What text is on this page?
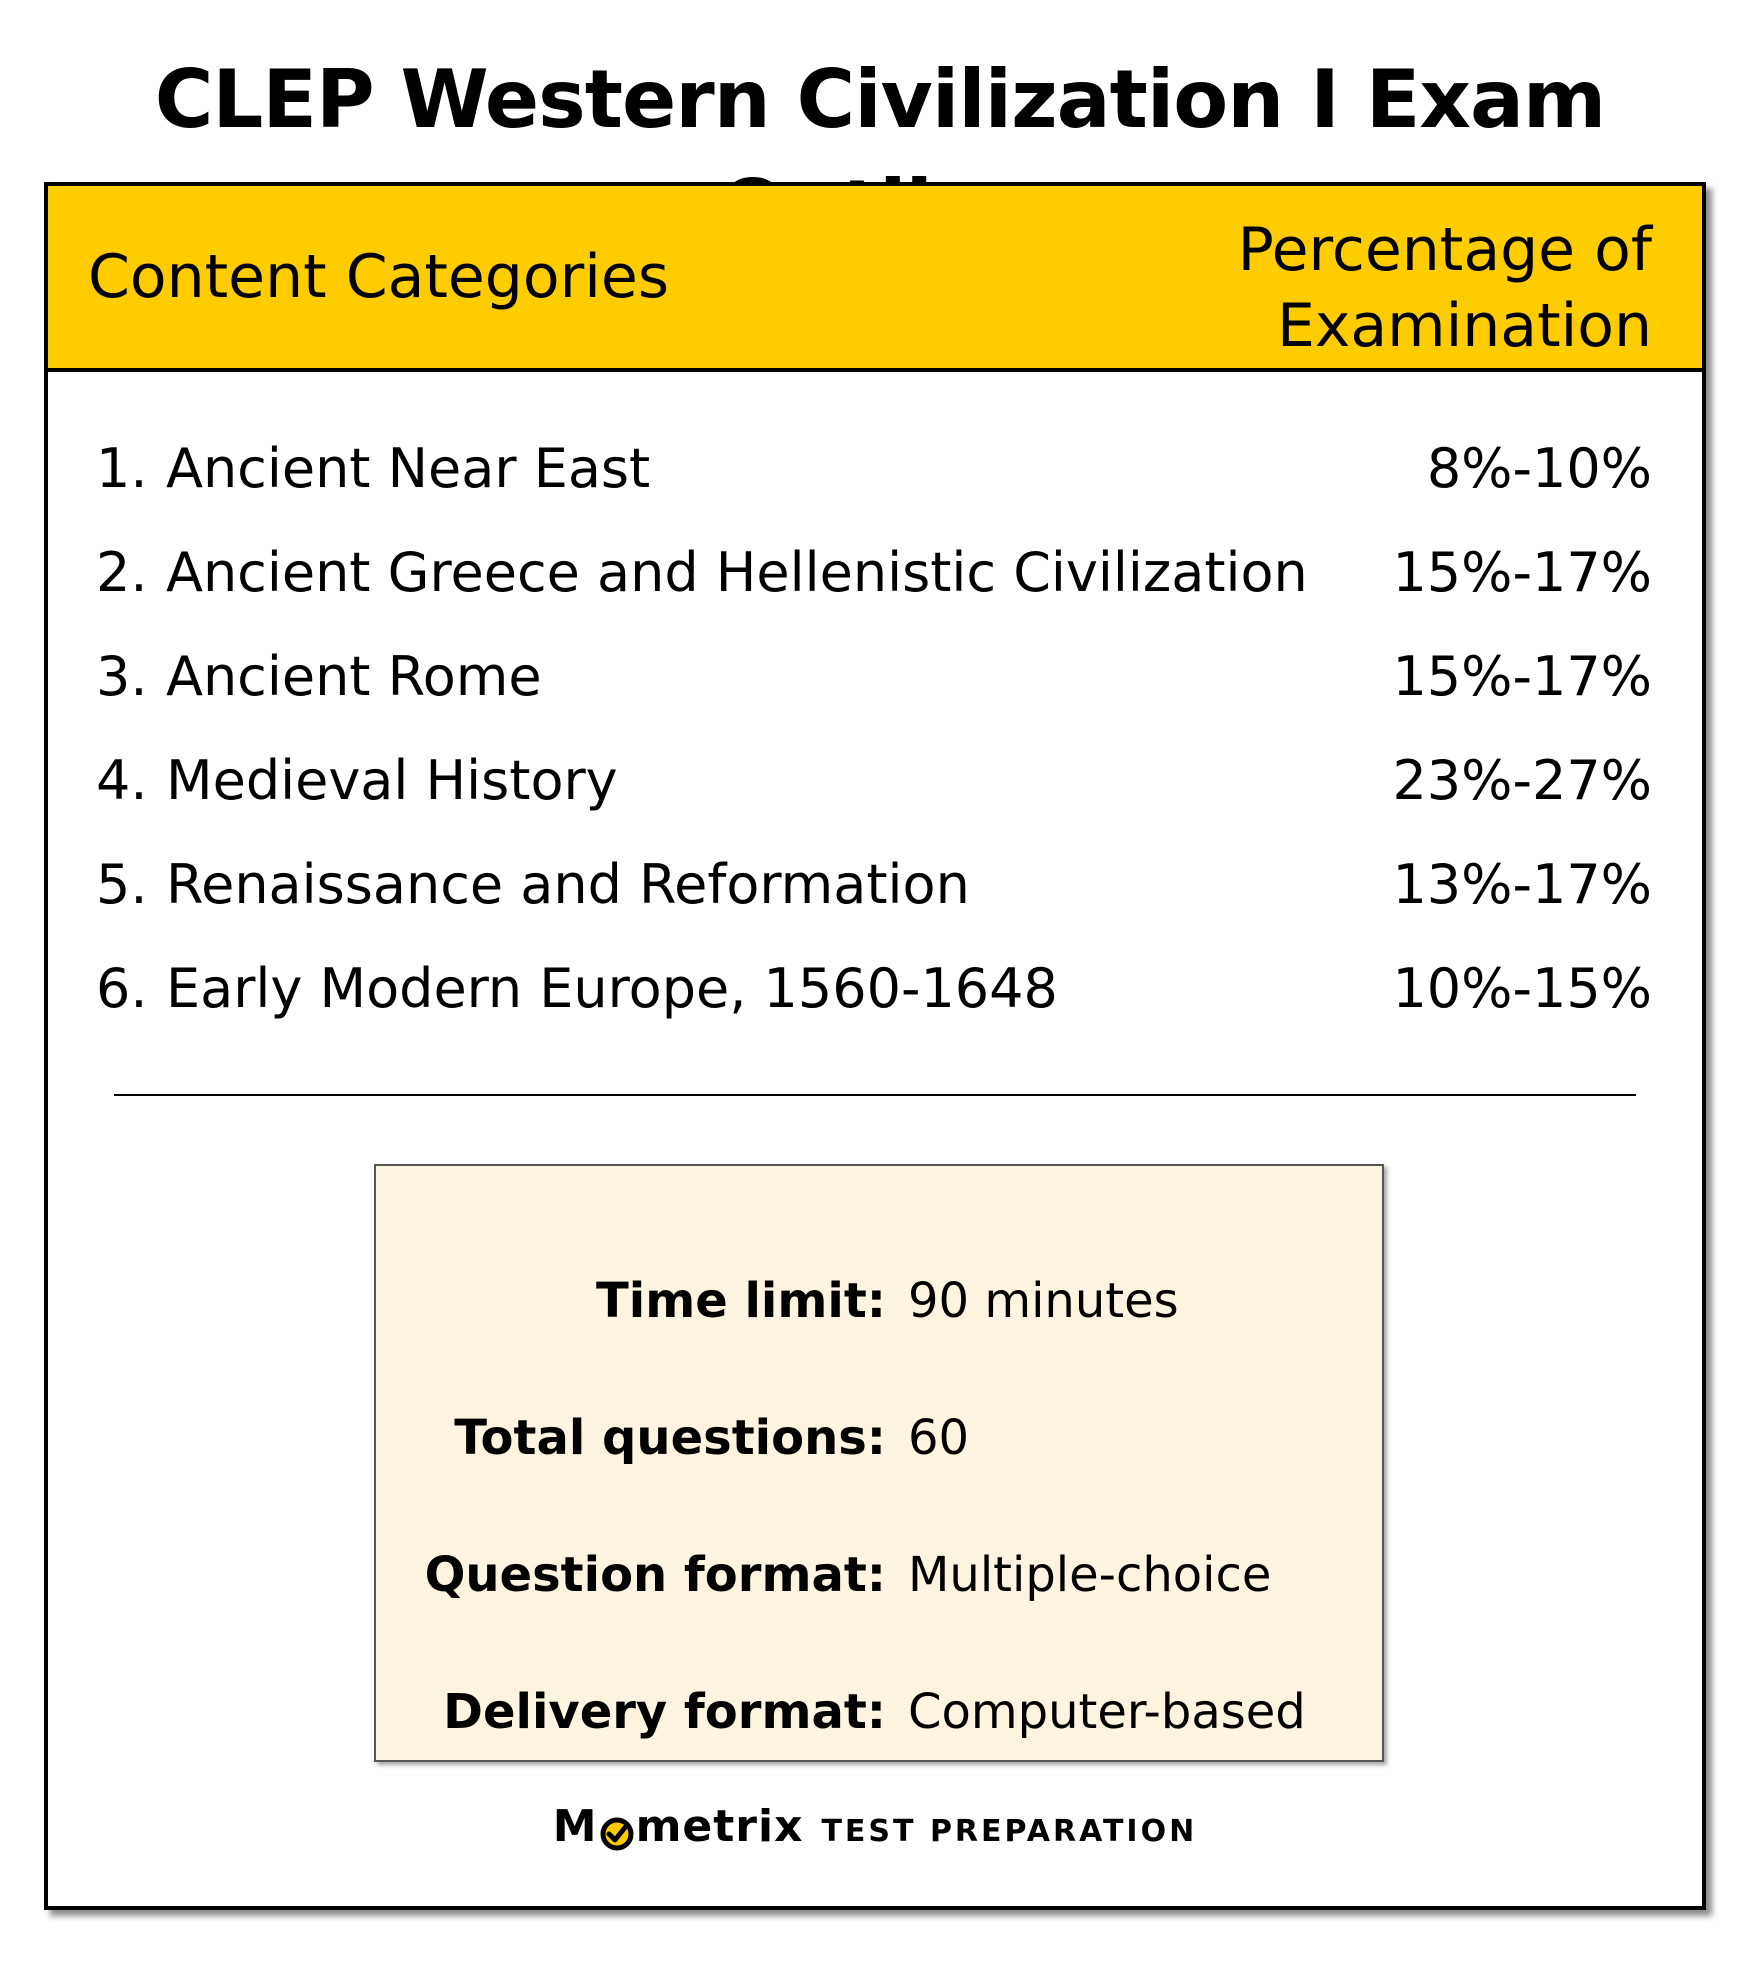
CLEP Western Civilization I Exam
Content Categories	Percentage of
Examination
1. Ancient Near East	8%-10%
2. Ancient Greece and Hellenistic Civilization	15%-17%
3. Ancient Rome	15%-17%
4. Medieval History	23%-27%
5. Renaissance and Reformation	13%-17%
6. Early Modern Europe, 1560-1648	10%-15%
Time limit: 90 minutes
Total questions: 60
Question format: Multiple-choice
Delivery format: Computer-based
M metrix TEST PREPARATION
